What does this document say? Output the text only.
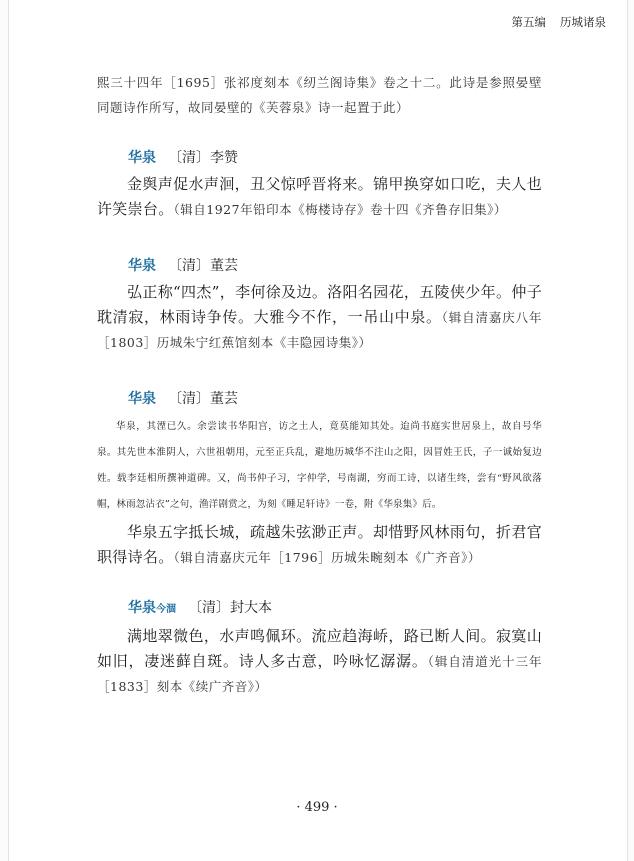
第五编 历城诸泉

熙三十四年［1695］张祁度刻本《纫兰阁诗集》卷之十二。此诗是参照晏壁同题诗作所写，故同晏壁的《芙蓉泉》诗一起置于此）

华泉 〔清〕李赞

金舆声促水声洄，丑父惊呼晋将来。锦甲换穿如口吃，夫人也许笑崇台。（辑自1927年铅印本《梅楼诗存》卷十四《齐鲁存旧集》）

华泉 〔清〕董芸

弘正称“四杰”，李何徐及边。洛阳名园花，五陵侠少年。仲子耽清寂，林雨诗争传。大雅今不作，一吊山中泉。（辑自清嘉庆八年［1803］历城朱宁红蕉馆刻本《丰隐园诗集》）

华泉 〔清〕董芸

华泉，其湮已久。余尝读书华阳宫，访之土人，竟莫能知其处。迨尚书庭实世居泉上，故自号华泉。其先世本淮阴人，六世祖朝用，元至正兵乱，避地历城华不注山之阳，因冒姓王氏，子一诚始复边姓。载李廷相所撰神道碑。又，尚书仲子习，字仲学，号南湖，穷而工诗，以诸生终，尝有“野风欲落帽，林雨忽沾衣”之句，渔洋剧赏之，为刻《睡足轩诗》一卷，附《华泉集》后。

华泉五字抵长城，疏越朱弦渺正声。却惜野风林雨句，折君官职得诗名。（辑自清嘉庆元年［1796］历城朱畹刻本《广齐音》）

华泉今涸 〔清〕封大本

满地翠微色，水声鸣佩环。流应趋海峤，路已断人间。寂寞山如旧，凄迷藓自斑。诗人多古意，吟咏忆潺潺。（辑自清道光十三年［1833］刻本《续广齐音》）

· 499 ·
